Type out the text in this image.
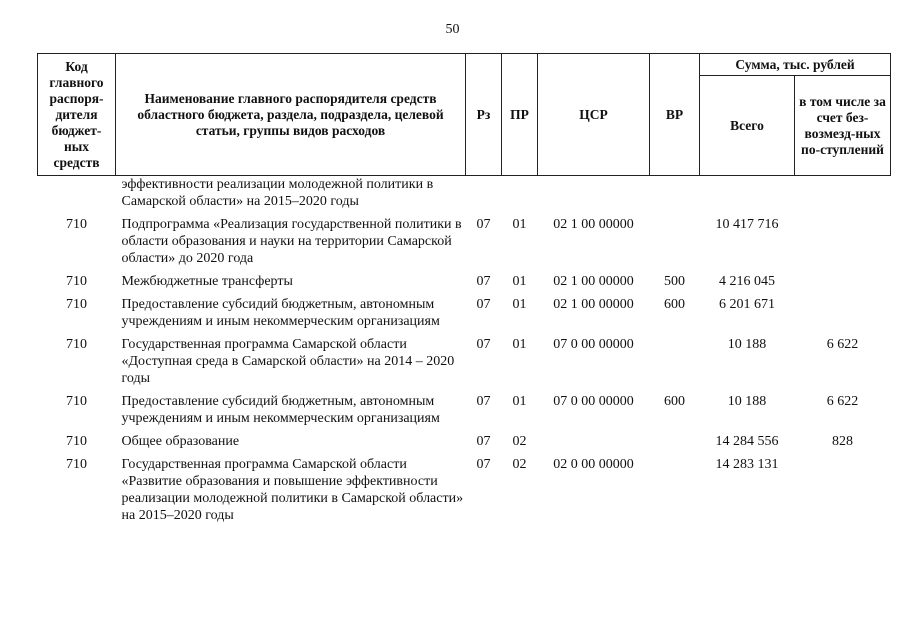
50
Код главного распоря-дителя бюджет-ных средств	Наименование главного распорядителя средств областного бюджета, раздела, подраздела, целевой статьи, группы видов расходов	Рз	ПР	ЦСР	ВР	Сумма, тыс. рублей	
						Всего	в том числе за счет без-возмезд-ных по-ступлений
	эффективности реализации молодежной политики в Самарской области» на 2015–2020 годы						
710	Подпрограмма «Реализация государственной политики в области образования и науки на территории Самарской области» до 2020 года	07	01	02 1 00 00000		10 417 716	
710	Межбюджетные трансферты	07	01	02 1 00 00000	500	4 216 045	
710	Предоставление субсидий бюджетным, автономным учреждениям и иным некоммерческим организациям	07	01	02 1 00 00000	600	6 201 671	
710	Государственная программа Самарской области «Доступная среда в Самарской области» на 2014 – 2020 годы	07	01	07 0 00 00000		10 188	6 622
710	Предоставление субсидий бюджетным, автономным учреждениям и иным некоммерческим организациям	07	01	07 0 00 00000	600	10 188	6 622
710	Общее образование	07	02			14 284 556	828
710	Государственная программа Самарской области «Развитие образования и повышение эффективности реализации молодежной политики в Самарской области» на 2015–2020 годы	07	02	02 0 00 00000		14 283 131	
